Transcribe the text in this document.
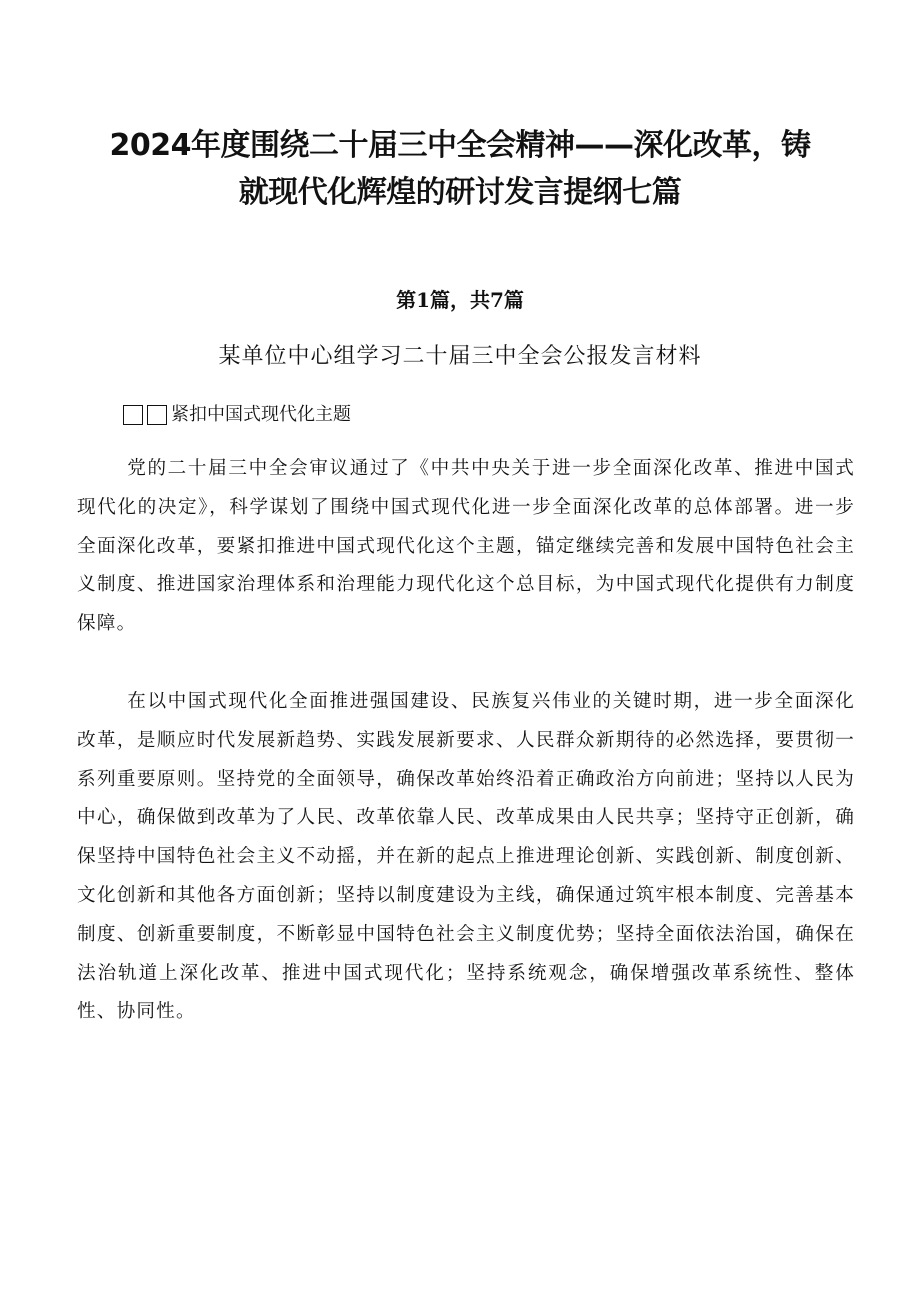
2024年度围绕二十届三中全会精神——深化改革，铸
就现代化辉煌的研讨发言提纲七篇
第1篇，共7篇
某单位中心组学习二十届三中全会公报发言材料
紧扣中国式现代化主题

党的二十届三中全会审议通过了《中共中央关于进一步全面深化改革、推进中国式现代化的决定》，科学谋划了围绕中国式现代化进一步全面深化改革的总体部署。进一步全面深化改革，要紧扣推进中国式现代化这个主题，锚定继续完善和发展中国特色社会主义制度、推进国家治理体系和治理能力现代化这个总目标，为中国式现代化提供有力制度保障。

在以中国式现代化全面推进强国建设、民族复兴伟业的关键时期，进一步全面深化改革，是顺应时代发展新趋势、实践发展新要求、人民群众新期待的必然选择，要贯彻一系列重要原则。坚持党的全面领导，确保改革始终沿着正确政治方向前进；坚持以人民为中心，确保做到改革为了人民、改革依靠人民、改革成果由人民共享；坚持守正创新，确保坚持中国特色社会主义不动摇，并在新的起点上推进理论创新、实践创新、制度创新、文化创新和其他各方面创新；坚持以制度建设为主线，确保通过筑牢根本制度、完善基本制度、创新重要制度，不断彰显中国特色社会主义制度优势；坚持全面依法治国，确保在法治轨道上深化改革、推进中国式现代化；坚持系统观念，确保增强改革系统性、整体性、协同性。
